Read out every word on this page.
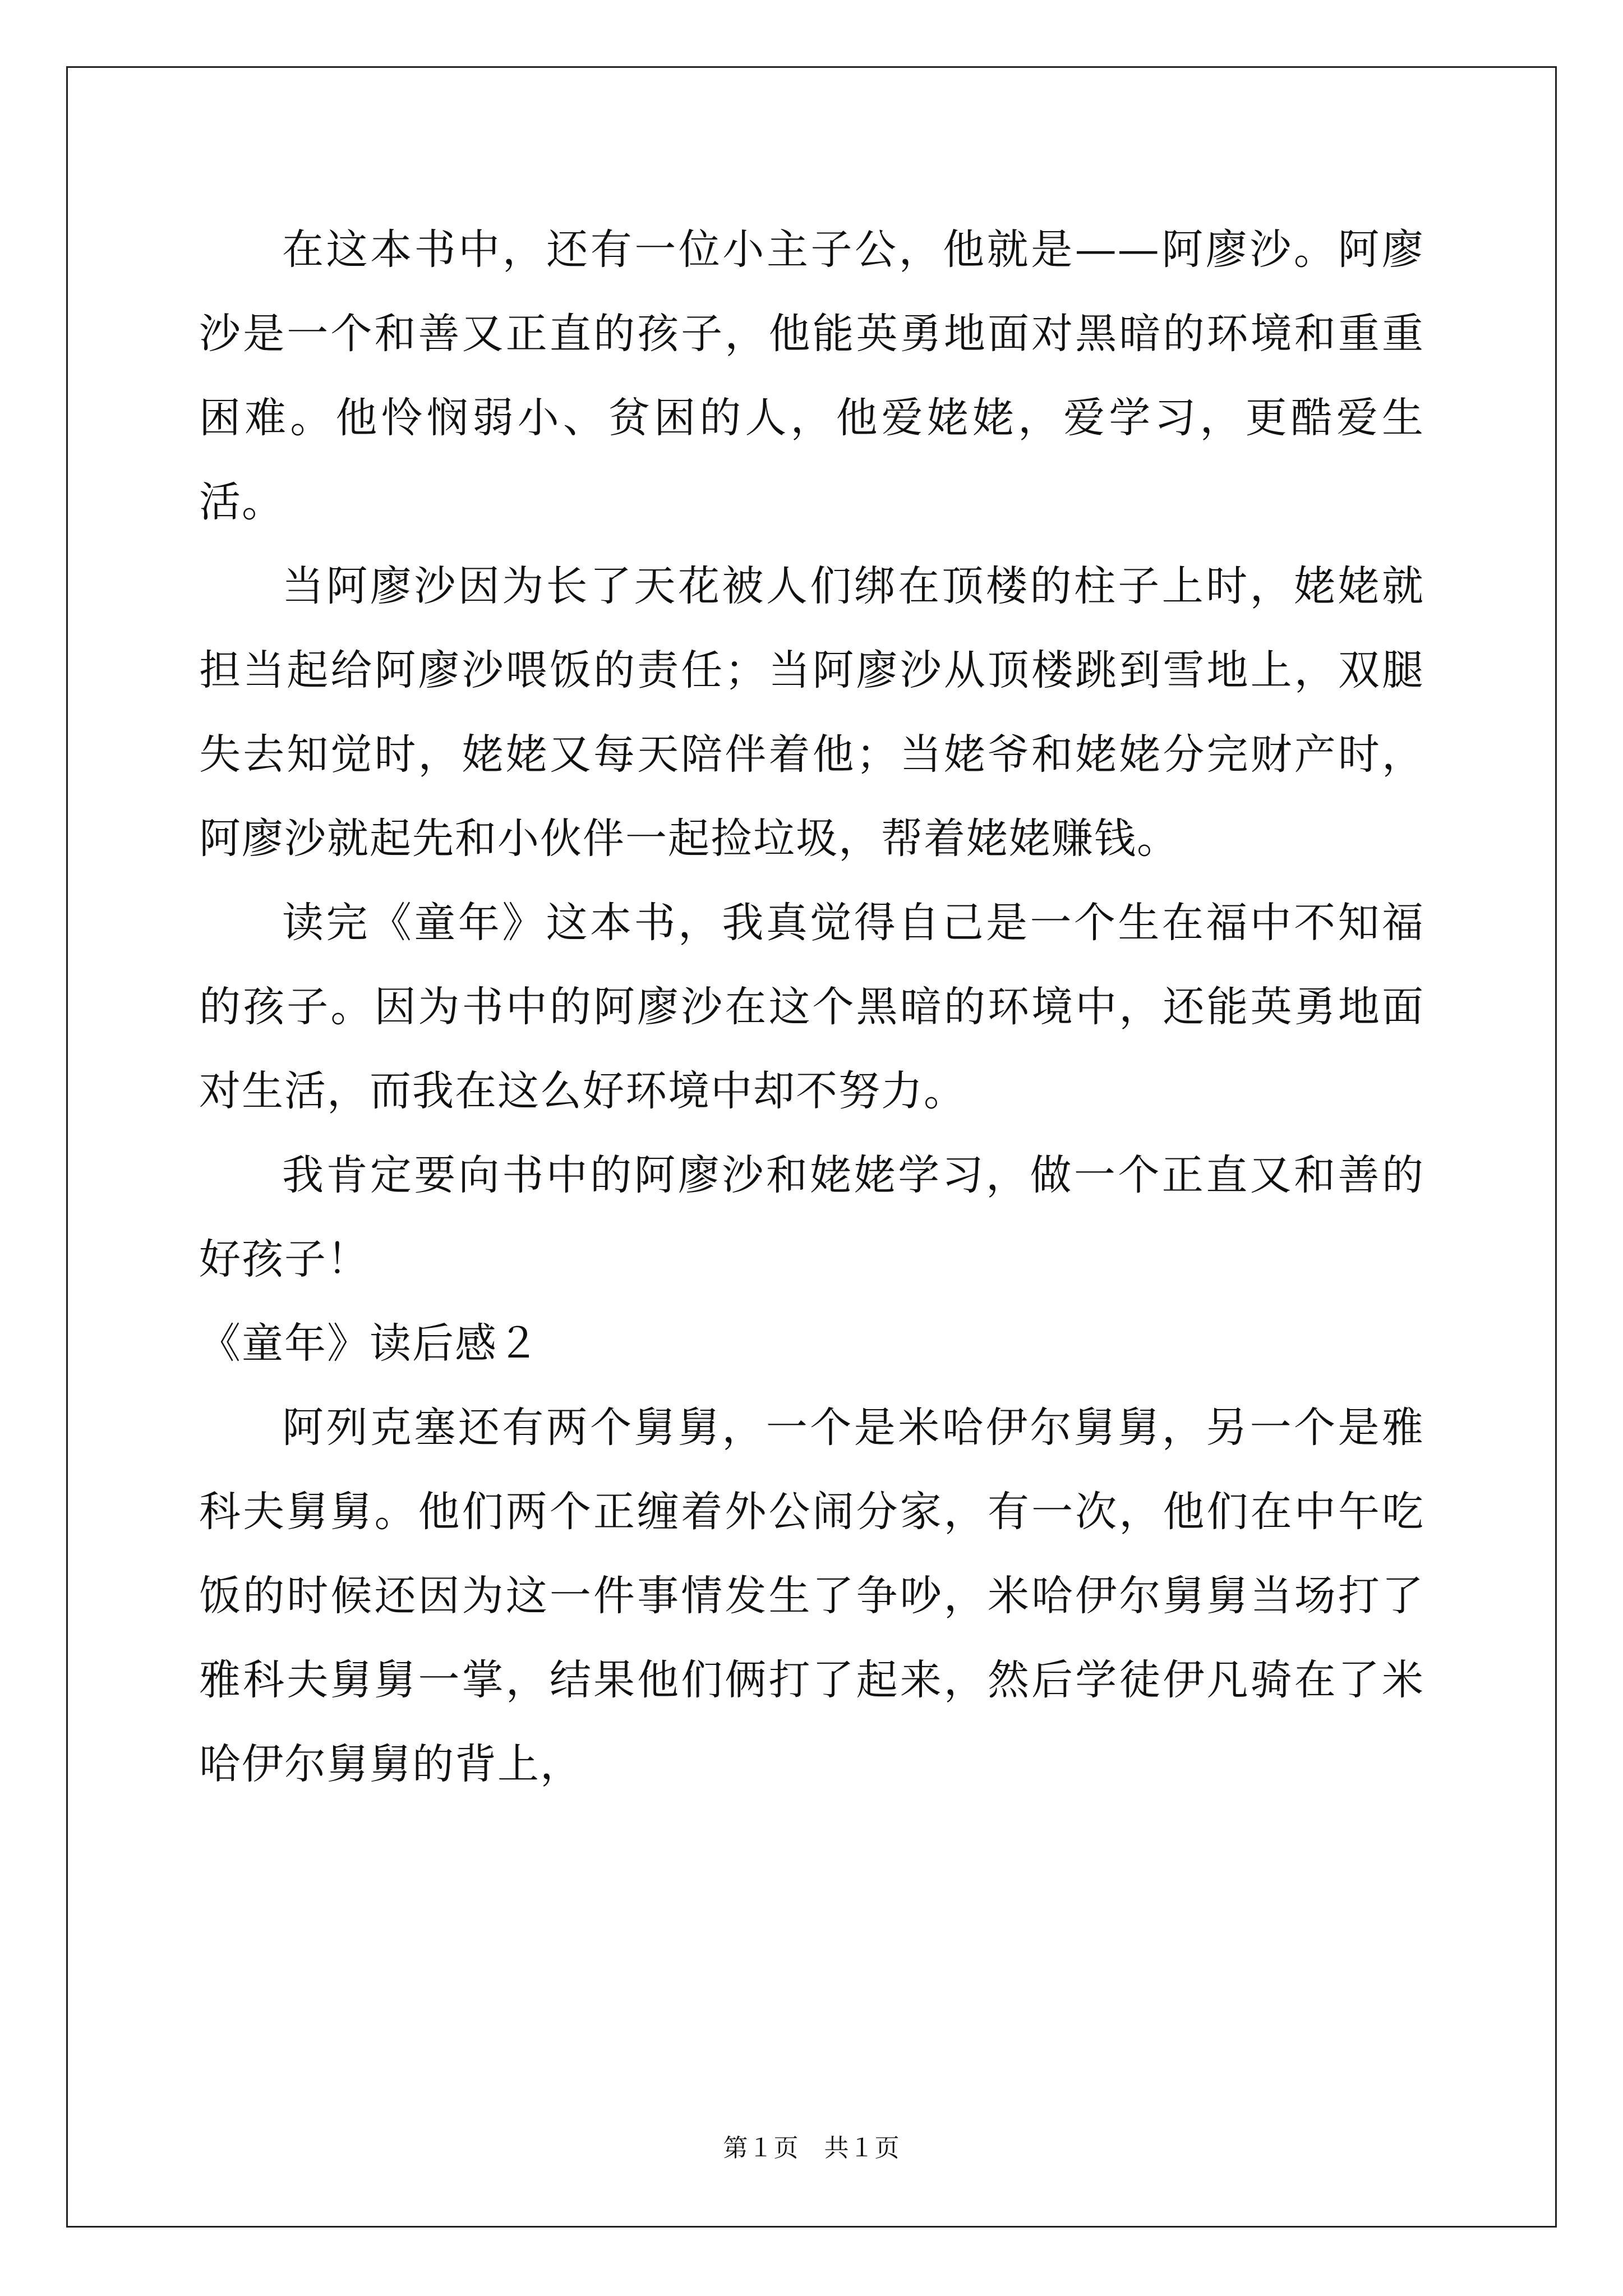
在这本书中，还有一位小主子公，他就是——阿廖沙。阿廖沙是一个和善又正直的孩子，他能英勇地面对黑暗的环境和重重困难。他怜悯弱小、贫困的人，他爱姥姥，爱学习，更酷爱生活。

当阿廖沙因为长了天花被人们绑在顶楼的柱子上时，姥姥就担当起给阿廖沙喂饭的责任；当阿廖沙从顶楼跳到雪地上，双腿失去知觉时，姥姥又每天陪伴着他；当姥爷和姥姥分完财产时，阿廖沙就起先和小伙伴一起捡垃圾，帮着姥姥赚钱。

读完《童年》这本书，我真觉得自己是一个生在福中不知福的孩子。因为书中的阿廖沙在这个黑暗的环境中，还能英勇地面对生活，而我在这么好环境中却不努力。

我肯定要向书中的阿廖沙和姥姥学习，做一个正直又和善的好孩子！

《童年》读后感２

阿列克塞还有两个舅舅，一个是米哈伊尔舅舅，另一个是雅科夫舅舅。他们两个正缠着外公闹分家，有一次，他们在中午吃饭的时候还因为这一件事情发生了争吵，米哈伊尔舅舅当场打了雅科夫舅舅一掌，结果他们俩打了起来，然后学徒伊凡骑在了米哈伊尔舅舅的背上，

第１页　共１页
